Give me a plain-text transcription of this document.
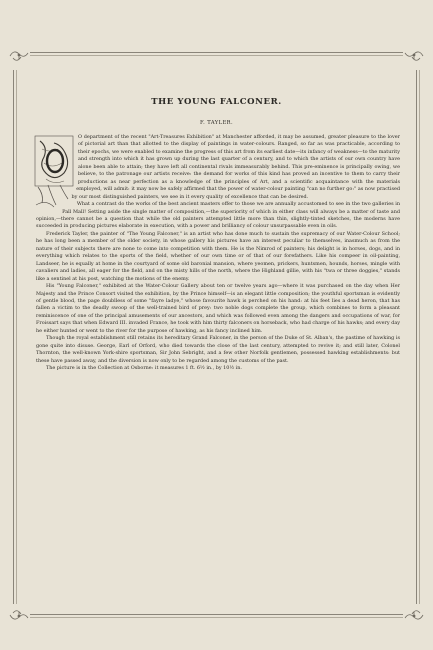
THE YOUNG FALCONER.
F. TAYLER.

O department of the recent "Art-Treasures Exhibition" at Manchester afforded, it may be assumed, greater pleasure to the lover of pictorial art than that allotted to the display of paintings in water-colours. Ranged, so far as was practicable, according to their epochs, we were enabled to examine the progress of this art from its earliest date—its infancy of weakness—to the maturity and strength into which it has grown up during the last quarter of a century, and to which the artists of our own country have alone been able to attain; they have left all continental rivals immeasurably behind. This pre-eminence is principally owing, we believe, to the patronage our artists receive: the demand for works of this kind has proved an incentive to them to carry their productions as near perfection as a knowledge of the principles of Art, and a scientific acquaintance with the materials employed, will admit: it may now be safely affirmed that the power of water-colour painting "can no further go:" as now practised by our most distinguished painters, we see in it every quality of excellence that can be desired.

What a contrast do the works of the best ancient masters offer to those we are annually accustomed to see in the two galleries in Pall Mall! Setting aside the single matter of composition,—the superiority of which in either class will always be a matter of taste and opinion,—there cannot be a question that while the old painters attempted little more than thin, slightly-tinted sketches, the moderns have succeeded in producing pictures elaborate in execution, with a power and brilliancy of colour unsurpassable even in oils.

Frederick Tayler, the painter of "The Young Falconer," is an artist who has done much to sustain the supremacy of our Water-Colour School; he has long been a member of the older society, in whose gallery his pictures have an interest peculiar to themselves, inasmuch as from the nature of their subjects there are none to come into competition with them. He is the Nimrod of painters; his delight is in horses, dogs, and in everything which relates to the sports of the field, whether of our own time or of that of our forefathers. Like his compeer in oil-painting, Landseer, he is equally at home in the courtyard of some old baronial mansion, where yeomen, prickers, huntsmen, hounds, horses, mingle with cavaliers and ladies, all eager for the field, and on the misty hills of the north, where the Highland gillie, with his "twa or three doggies," stands like a sentinel at his post, watching the motions of the enemy.

His "Young Falconer," exhibited at the Water-Colour Gallery about ten or twelve years ago—where it was purchased on the day when Her Majesty and the Prince Consort visited the exhibition, by the Prince himself—is an elegant little composition; the youthful sportsman is evidently of gentle blood, the page doublless of some "fayre ladye," whose favourite hawk is perched on his hand: at his feet lies a dead heron, that has fallen a victim to the deadly swoop of the well-trained bird of prey: two noble dogs complete the group, which combines to form a pleasant reminiscence of one of the principal amusements of our ancestors, and which was followed even among the dangers and occupations of war, for Froissart says that when Edward III. invaded France, he took with him thirty falconers on horseback, who had charge of his hawks; and every day he either hunted or went to the river for the purpose of hawking, as his fancy inclined him.

Though the royal establishment still retains its hereditary Grand Falconer, in the person of the Duke of St. Alban's, the pastime of hawking is gone quite into disuse. George, Earl of Orford, who died towards the close of the last century, attempted to revive it; and still later, Colonel Thornton, the well-known York-shire sportsman, Sir John Sebright, and a few other Norfolk gentlemen, possessed hawking establishments: but these have passed away, and the diversion is now only to be regarded among the customs of the past.

The picture is in the Collection at Osborne: it measures 1 ft. 6½ in., by 10½ in.
